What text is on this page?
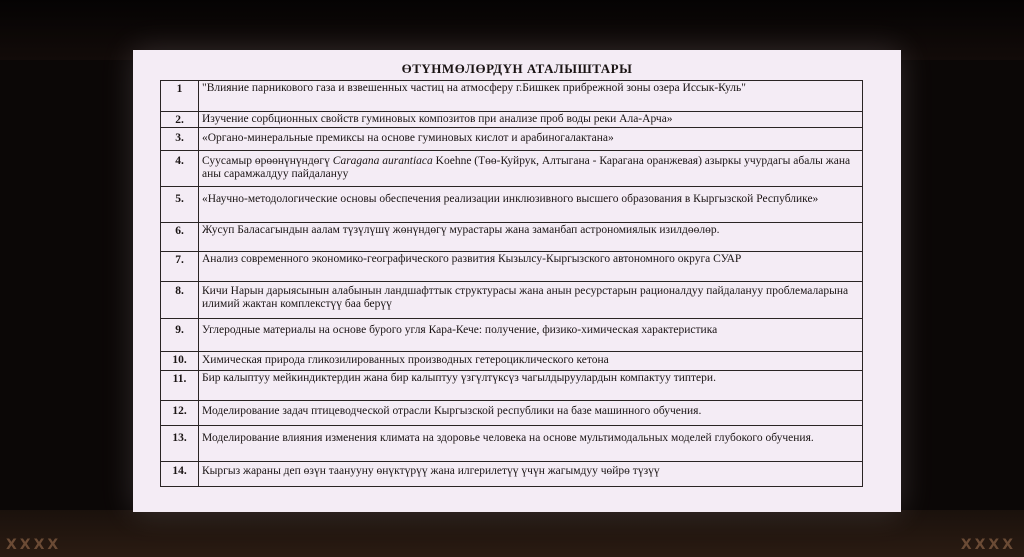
XXXX	XXXX
ӨТҮНМӨЛӨРДҮН АТАЛЫШТАРЫ
1	"Влияние парникового газа и взвешенных частиц на атмосферу г.Бишкек прибрежной зоны озера Иссык-Куль"
2.	Изучение сорбционных свойств гуминовых композитов при анализе проб воды реки Ала-Арча»
3.	«Органо-минеральные премиксы на основе гуминовых кислот и арабиногалактана»
4.	Суусамыр өрөөнүнүндөгү Caragana aurantiaca Koehne (Төө-Куйрук, Алтыгана - Карагана оранжевая) азыркы учурдагы абалы жана аны сарамжалдуу пайдалануу
5.	«Научно-методологические основы обеспечения реализации инклюзивного высшего образования в Кыргызской Республике»
6.	Жусуп Баласагындын аалам түзүлүшү жөнүндөгү мурастары жана заманбап астрономиялык изилдөөлөр.
7.	Анализ современного экономико-географического развития Кызылсу-Кыргызского автономного округа СУАР
8.	Кичи Нарын дарыясынын алабынын ландшафттык структурасы жана анын ресурстарын рационалдуу пайдалануу проблемаларына илимий жактан комплекстүү баа берүү
9.	Углеродные материалы на основе бурого угля Кара-Кече: получение, физико-химическая характеристика
10.	Химическая природа гликозилированных производных гетероциклического кетона
11.	Бир калыптуу мейкиндиктердин жана бир калыптуу үзгүлтүксүз чагылдыруулардын компактуу типтери.
12.	Моделирование задач птицеводческой отрасли Кыргызской республики на базе машинного обучения.
13.	Моделирование влияния изменения климата на здоровье человека на основе мультимодальных моделей глубокого обучения.
14.	Кыргыз жараны деп өзүн таанууну өнүктүрүү жана илгерилетүү үчүн жагымдуу чөйрө түзүү
